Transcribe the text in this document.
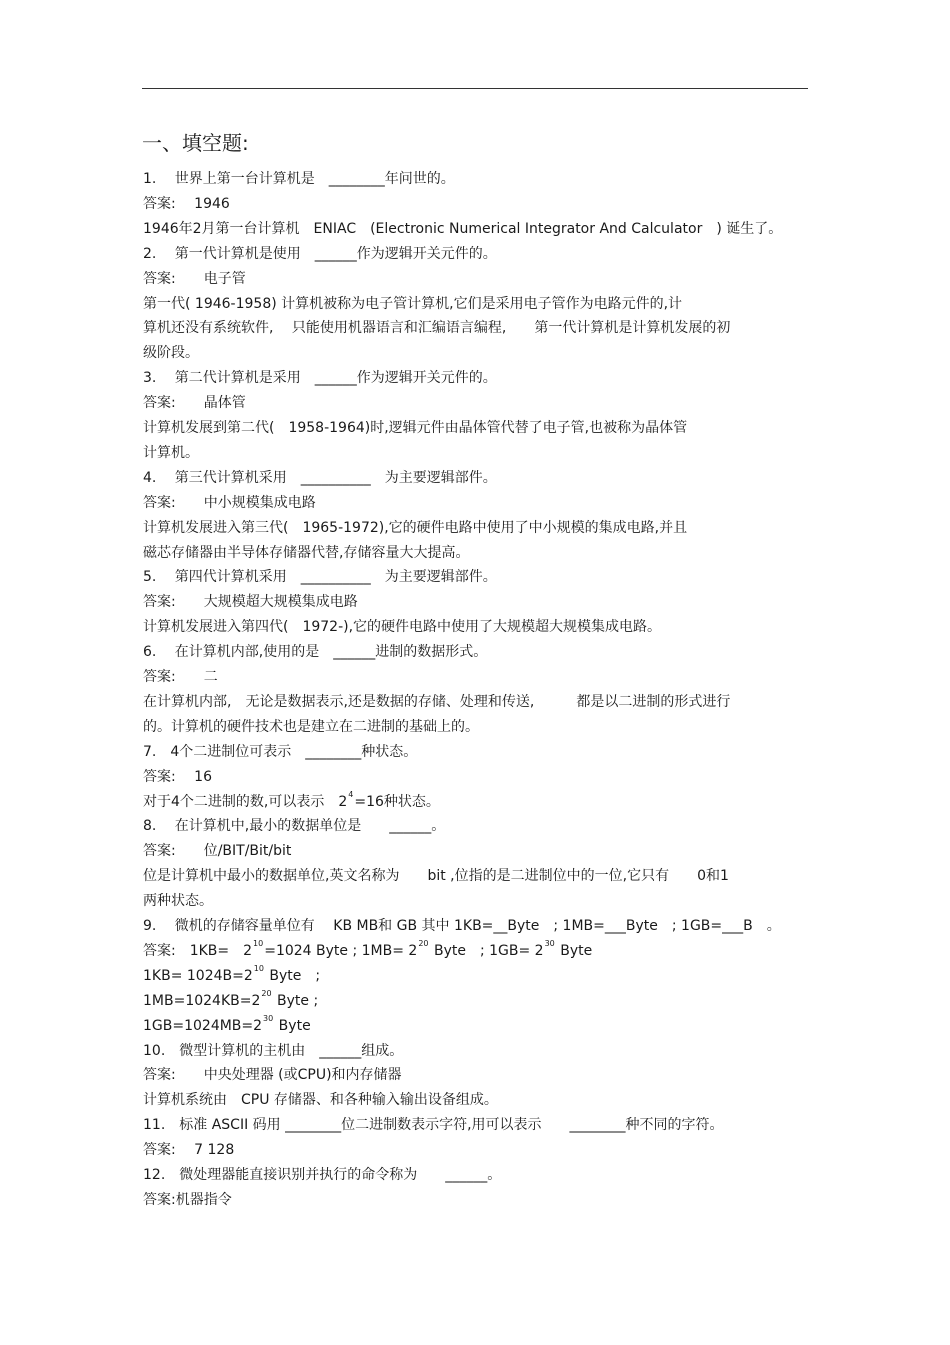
一、填空题:
1.　 世界上第一台计算机是　________年问世的。
答案:　 1946
1946年2月第一台计算机　ENIAC　(Electronic Numerical Integrator And Calculator　) 诞生了。
2.　 第一代计算机是使用　______作为逻辑开关元件的。
答案:　　电子管
第一代( 1946-1958) 计算机被称为电子管计算机,它们是采用电子管作为电路元件的,计
算机还没有系统软件,　 只能使用机器语言和汇编语言编程,　　第一代计算机是计算机发展的初
级阶段。
3.　 第二代计算机是采用　______作为逻辑开关元件的。
答案:　　晶体管
计算机发展到第二代(　1958-1964)时,逻辑元件由晶体管代替了电子管,也被称为晶体管
计算机。
4.　 第三代计算机采用　__________　为主要逻辑部件。
答案:　　中小规模集成电路
计算机发展进入第三代(　1965-1972),它的硬件电路中使用了中小规模的集成电路,并且
磁芯存储器由半导体存储器代替,存储容量大大提高。
5.　 第四代计算机采用　__________　为主要逻辑部件。
答案:　　大规模超大规模集成电路
计算机发展进入第四代(　1972-),它的硬件电路中使用了大规模超大规模集成电路。
6.　 在计算机内部,使用的是　______进制的数据形式。
答案:　　二
在计算机内部,　无论是数据表示,还是数据的存储、处理和传送,　　　都是以二进制的形式进行
的。计算机的硬件技术也是建立在二进制的基础上的。
7.　4个二进制位可表示　________种状态。
答案:　 16
对于4个二进制的数,可以表示　$2^4=16$种状态。
8.　 在计算机中,最小的数据单位是　　______。
答案:　　位/BIT/Bit/bit
位是计算机中最小的数据单位,英文名称为　　bit ,位指的是二进制位中的一位,它只有　　0和1
两种状态。
9.　 微机的存储容量单位有　 KB MB和 GB 其中 1KB=__Byte　; 1MB=___Byte　; 1GB=___B　。
答案:　1KB=　$2^{10}=1024$ Byte ; $1MB= 2^{20}$ Byte　; $1GB= 2^{30}$ Byte
$1KB= 1024B=2^{10}$ Byte　;
$1MB=1024KB=2^{20}$ Byte ;
$1GB=1024MB=2^{30}$ Byte
10.　微型计算机的主机由　______组成。
答案:　　中央处理器 (或CPU)和内存储器
计算机系统由　CPU 存储器、和各种输入输出设备组成。
11.　标准 ASCII 码用 ________位二进制数表示字符,用可以表示　　________种不同的字符。
答案:　 7 128
12.　微处理器能直接识别并执行的命令称为　　______。
答案:机器指令
